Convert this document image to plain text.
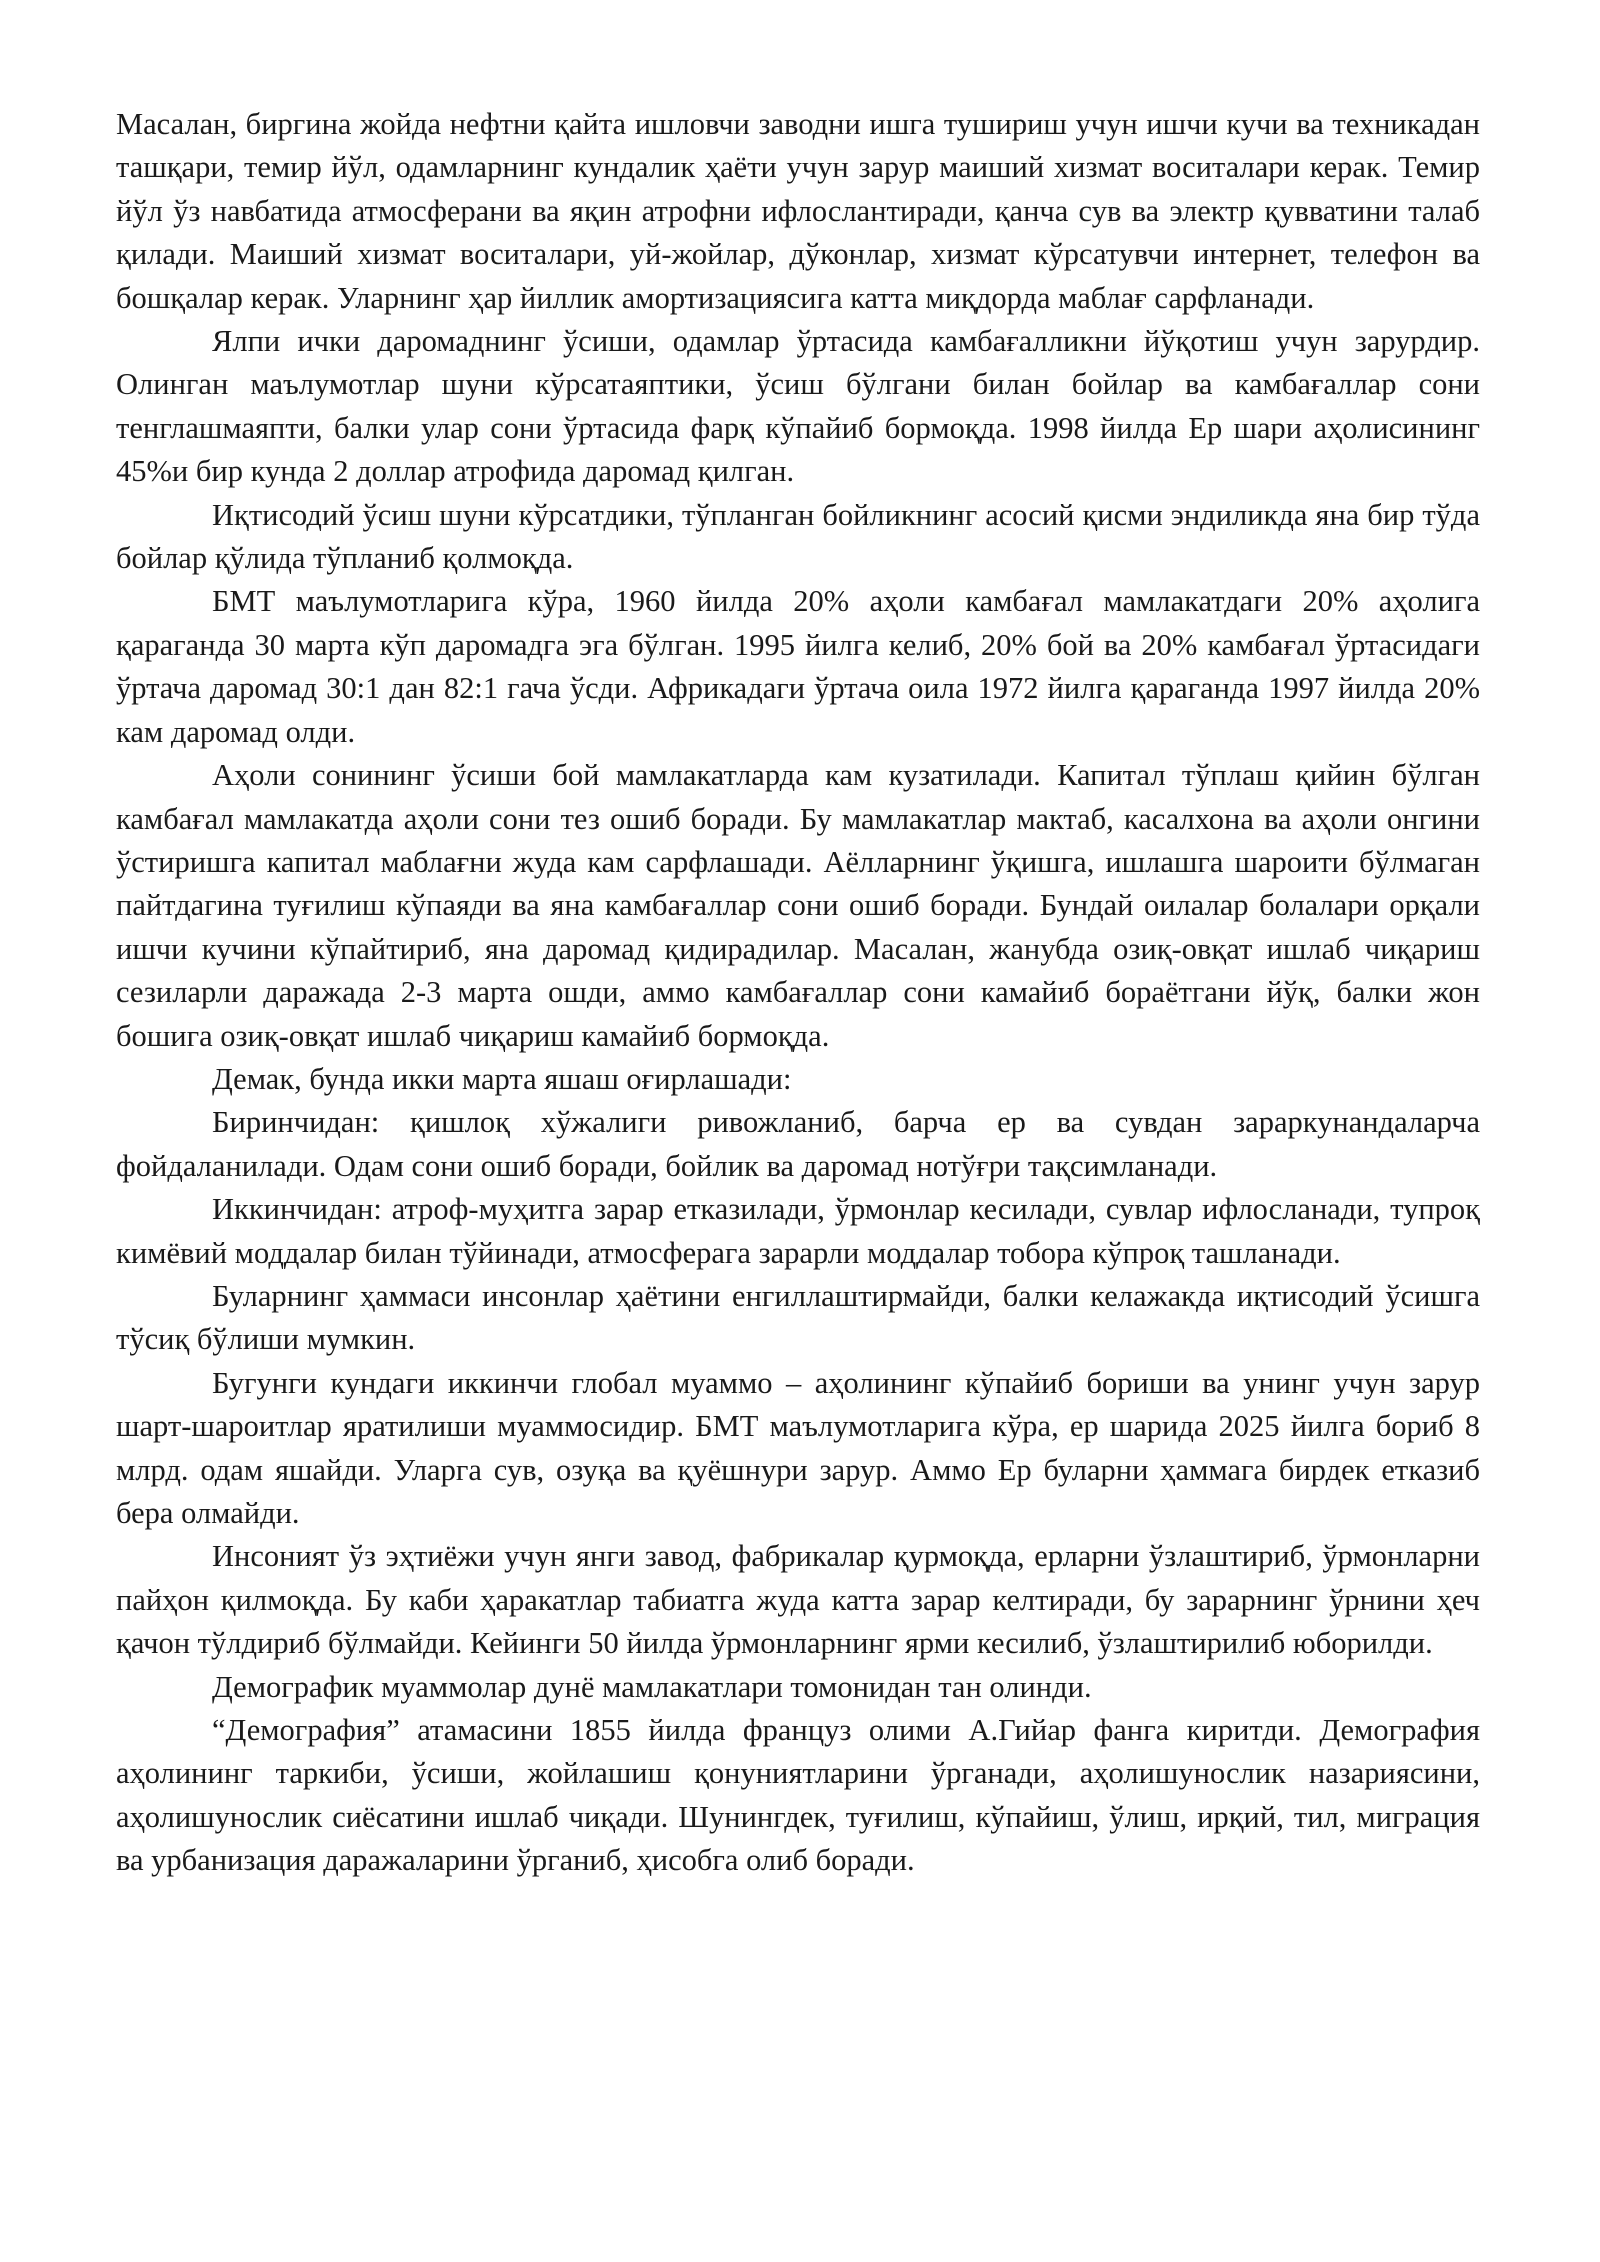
Масалан, биргина жойда нефтни қайта ишловчи заводни ишга тушириш учун ишчи кучи ва техникадан ташқари, темир йўл, одамларнинг кундалик ҳаёти учун зарур маиший хизмат воситалари керак. Темир йўл ўз навбатида атмосферани ва яқин атрофни ифлослантиради, қанча сув ва электр қувватини талаб қилади. Маиший хизмат воситалари, уй-жойлар, дўконлар, хизмат кўрсатувчи интернет, телефон ва бошқалар керак. Уларнинг ҳар йиллик амортизациясига катта миқдорда маблағ сарфланади.

Ялпи ички даромаднинг ўсиши, одамлар ўртасида камбағалликни йўқотиш учун зарурдир. Олинган маълумотлар шуни кўрсатаяптики, ўсиш бўлгани билан бойлар ва камбағаллар сони тенглашмаяпти, балки улар сони ўртасида фарқ кўпайиб бормоқда. 1998 йилда Ер шари аҳолисининг 45%и бир кунда 2 доллар атрофида даромад қилган.

Иқтисодий ўсиш шуни кўрсатдики, тўпланган бойликнинг асосий қисми эндиликда яна бир тўда бойлар қўлида тўпланиб қолмоқда.

БМТ маълумотларига кўра, 1960 йилда 20% аҳоли камбағал мамлакатдаги 20% аҳолига қараганда 30 марта кўп даромадга эга бўлган. 1995 йилга келиб, 20% бой ва 20% камбағал ўртасидаги ўртача даромад 30:1 дан 82:1 гача ўсди. Африкадаги ўртача оила 1972 йилга қараганда 1997 йилда 20% кам даромад олди.

Аҳоли сонининг ўсиши бой мамлакатларда кам кузатилади. Капитал тўплаш қийин бўлган камбағал мамлакатда аҳоли сони тез ошиб боради. Бу мамлакатлар мактаб, касалхона ва аҳоли онгини ўстиришга капитал маблағни жуда кам сарфлашади. Аёлларнинг ўқишга, ишлашга шароити бўлмаган пайтдагина туғилиш кўпаяди ва яна камбағаллар сони ошиб боради. Бундай оилалар болалари орқали ишчи кучини кўпайтириб, яна даромад қидирадилар. Масалан, жанубда озиқ-овқат ишлаб чиқариш сезиларли даражада 2-3 марта ошди, аммо камбағаллар сони камайиб бораётгани йўқ, балки жон бошига озиқ-овқат ишлаб чиқариш камайиб бормоқда.

Демак, бунда икки марта яшаш оғирлашади:

Биринчидан: қишлоқ хўжалиги ривожланиб, барча ер ва сувдан зараркунандаларча фойдаланилади. Одам сони ошиб боради, бойлик ва даромад нотўғри тақсимланади.

Иккинчидан: атроф-муҳитга зарар етказилади, ўрмонлар кесилади, сувлар ифлосланади, тупроқ кимёвий моддалар билан тўйинади, атмосферага зарарли моддалар тобора кўпроқ ташланади.

Буларнинг ҳаммаси инсонлар ҳаётини енгиллаштирмайди, балки келажакда иқтисодий ўсишга тўсиқ бўлиши мумкин.

Бугунги кундаги иккинчи глобал муаммо – аҳолининг кўпайиб бориши ва унинг учун зарур шарт-шароитлар яратилиши муаммосидир. БМТ маълумотларига кўра, ер шарида 2025 йилга бориб 8 млрд. одам яшайди. Уларга сув, озуқа ва қуёшнури зарур. Аммо Ер буларни ҳаммага бирдек етказиб бера олмайди.

Инсоният ўз эҳтиёжи учун янги завод, фабрикалар қурмоқда, ерларни ўзлаштириб, ўрмонларни пайҳон қилмоқда. Бу каби ҳаракатлар табиатга жуда катта зарар келтиради, бу зарарнинг ўрнини ҳеч қачон тўлдириб бўлмайди. Кейинги 50 йилда ўрмонларнинг ярми кесилиб, ўзлаштирилиб юборилди.

Демографик муаммолар дунё мамлакатлари томонидан тан олинди.

“Демография” атамасини 1855 йилда француз олими А.Гийар фанга киритди. Демография аҳолининг таркиби, ўсиши, жойлашиш қонуниятларини ўрганади, аҳолишунослик назариясини, аҳолишунослик сиёсатини ишлаб чиқади. Шунингдек, туғилиш, кўпайиш, ўлиш, ирқий, тил, миграция ва урбанизация даражаларини ўрганиб, ҳисобга олиб боради.
